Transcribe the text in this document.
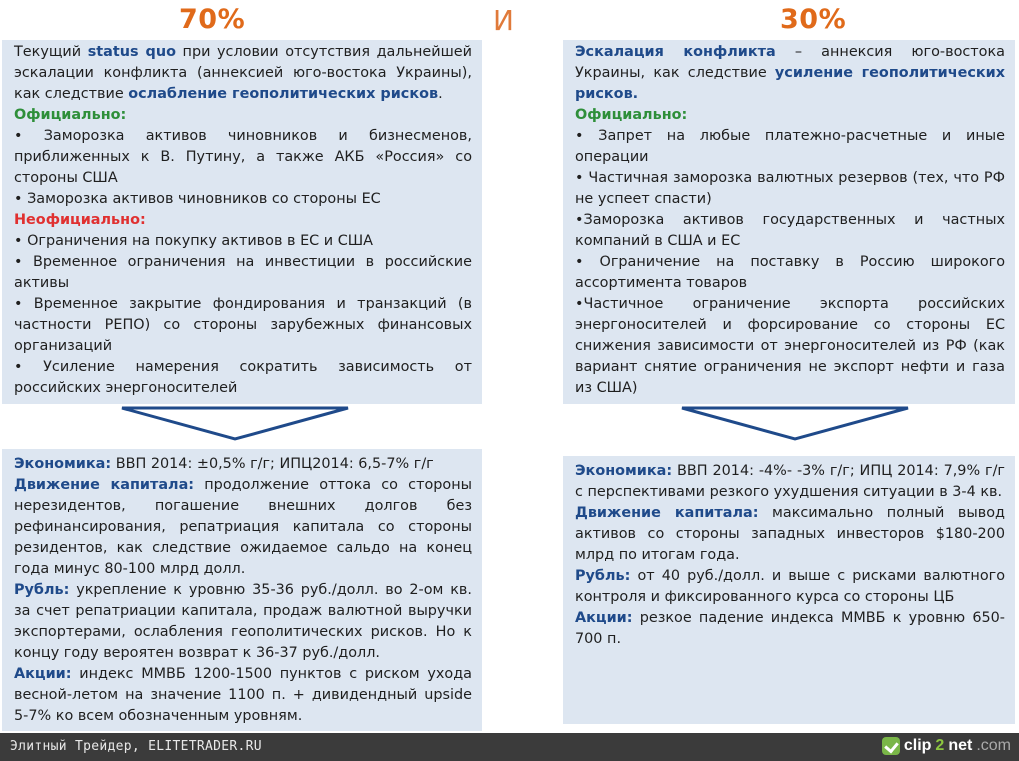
70%	И	30%

Текущий status quo при условии отсутствия дальнейшей эскалации конфликта (аннексией юго-востока Украины), как следствие ослабление геополитических рисков.

Официально:

• Заморозка активов чиновников и бизнесменов, приближенных к В. Путину, а также АКБ «Россия» со стороны США

• Заморозка активов чиновников со стороны ЕС

Неофициально:

• Ограничения на покупку активов в ЕС и США

• Временное ограничения на инвестиции в российские активы

• Временное закрытие фондирования и транзакций (в частности РЕПО) со стороны зарубежных финансовых организаций

• Усиление намерения сократить зависимость от российских энергоносителей

Эскалация конфликта – аннексия юго-востока Украины, как следствие усиление геополитических рисков.

Официально:

• Запрет на любые платежно-расчетные и иные операции

• Частичная заморозка валютных резервов (тех, что РФ не успеет спасти)

•Заморозка активов государственных и частных компаний в США и ЕС

• Ограничение на поставку в Россию широкого ассортимента товаров

•Частичное ограничение экспорта российских энергоносителей и форсирование со стороны ЕС снижения зависимости от энергоносителей из РФ (как вариант снятие ограничения не экспорт нефти и газа из США)

Экономика: ВВП 2014: ±0,5% г/г; ИПЦ2014: 6,5-7% г/г

Движение капитала: продолжение оттока со стороны нерезидентов, погашение внешних долгов без рефинансирования, репатриация капитала со стороны резидентов, как следствие ожидаемое сальдо на конец года минус 80-100 млрд долл.

Рубль: укрепление к уровню 35-36 руб./долл. во 2-ом кв. за счет репатриации капитала, продаж валютной выручки экспортерами, ослабления геополитических рисков. Но к концу году вероятен возврат к 36-37 руб./долл.

Акции: индекс ММВБ 1200-1500 пунктов с риском ухода весной-летом на значение 1100 п. + дивидендный upside 5-7% ко всем обозначенным уровням.

Экономика: ВВП 2014: -4%- -3% г/г; ИПЦ 2014: 7,9% г/г с перспективами резкого ухудшения ситуации в 3-4 кв.

Движение капитала: максимально полный вывод активов со стороны западных инвесторов $180-200 млрд по итогам года.

Рубль: от 40 руб./долл. и выше с рисками валютного контроля и фиксированного курса со стороны ЦБ

Акции: резкое падение индекса ММВБ к уровню 650-700 п.

Элитный Трейдер, ELITETRADER.RU	clip 2 net .com
